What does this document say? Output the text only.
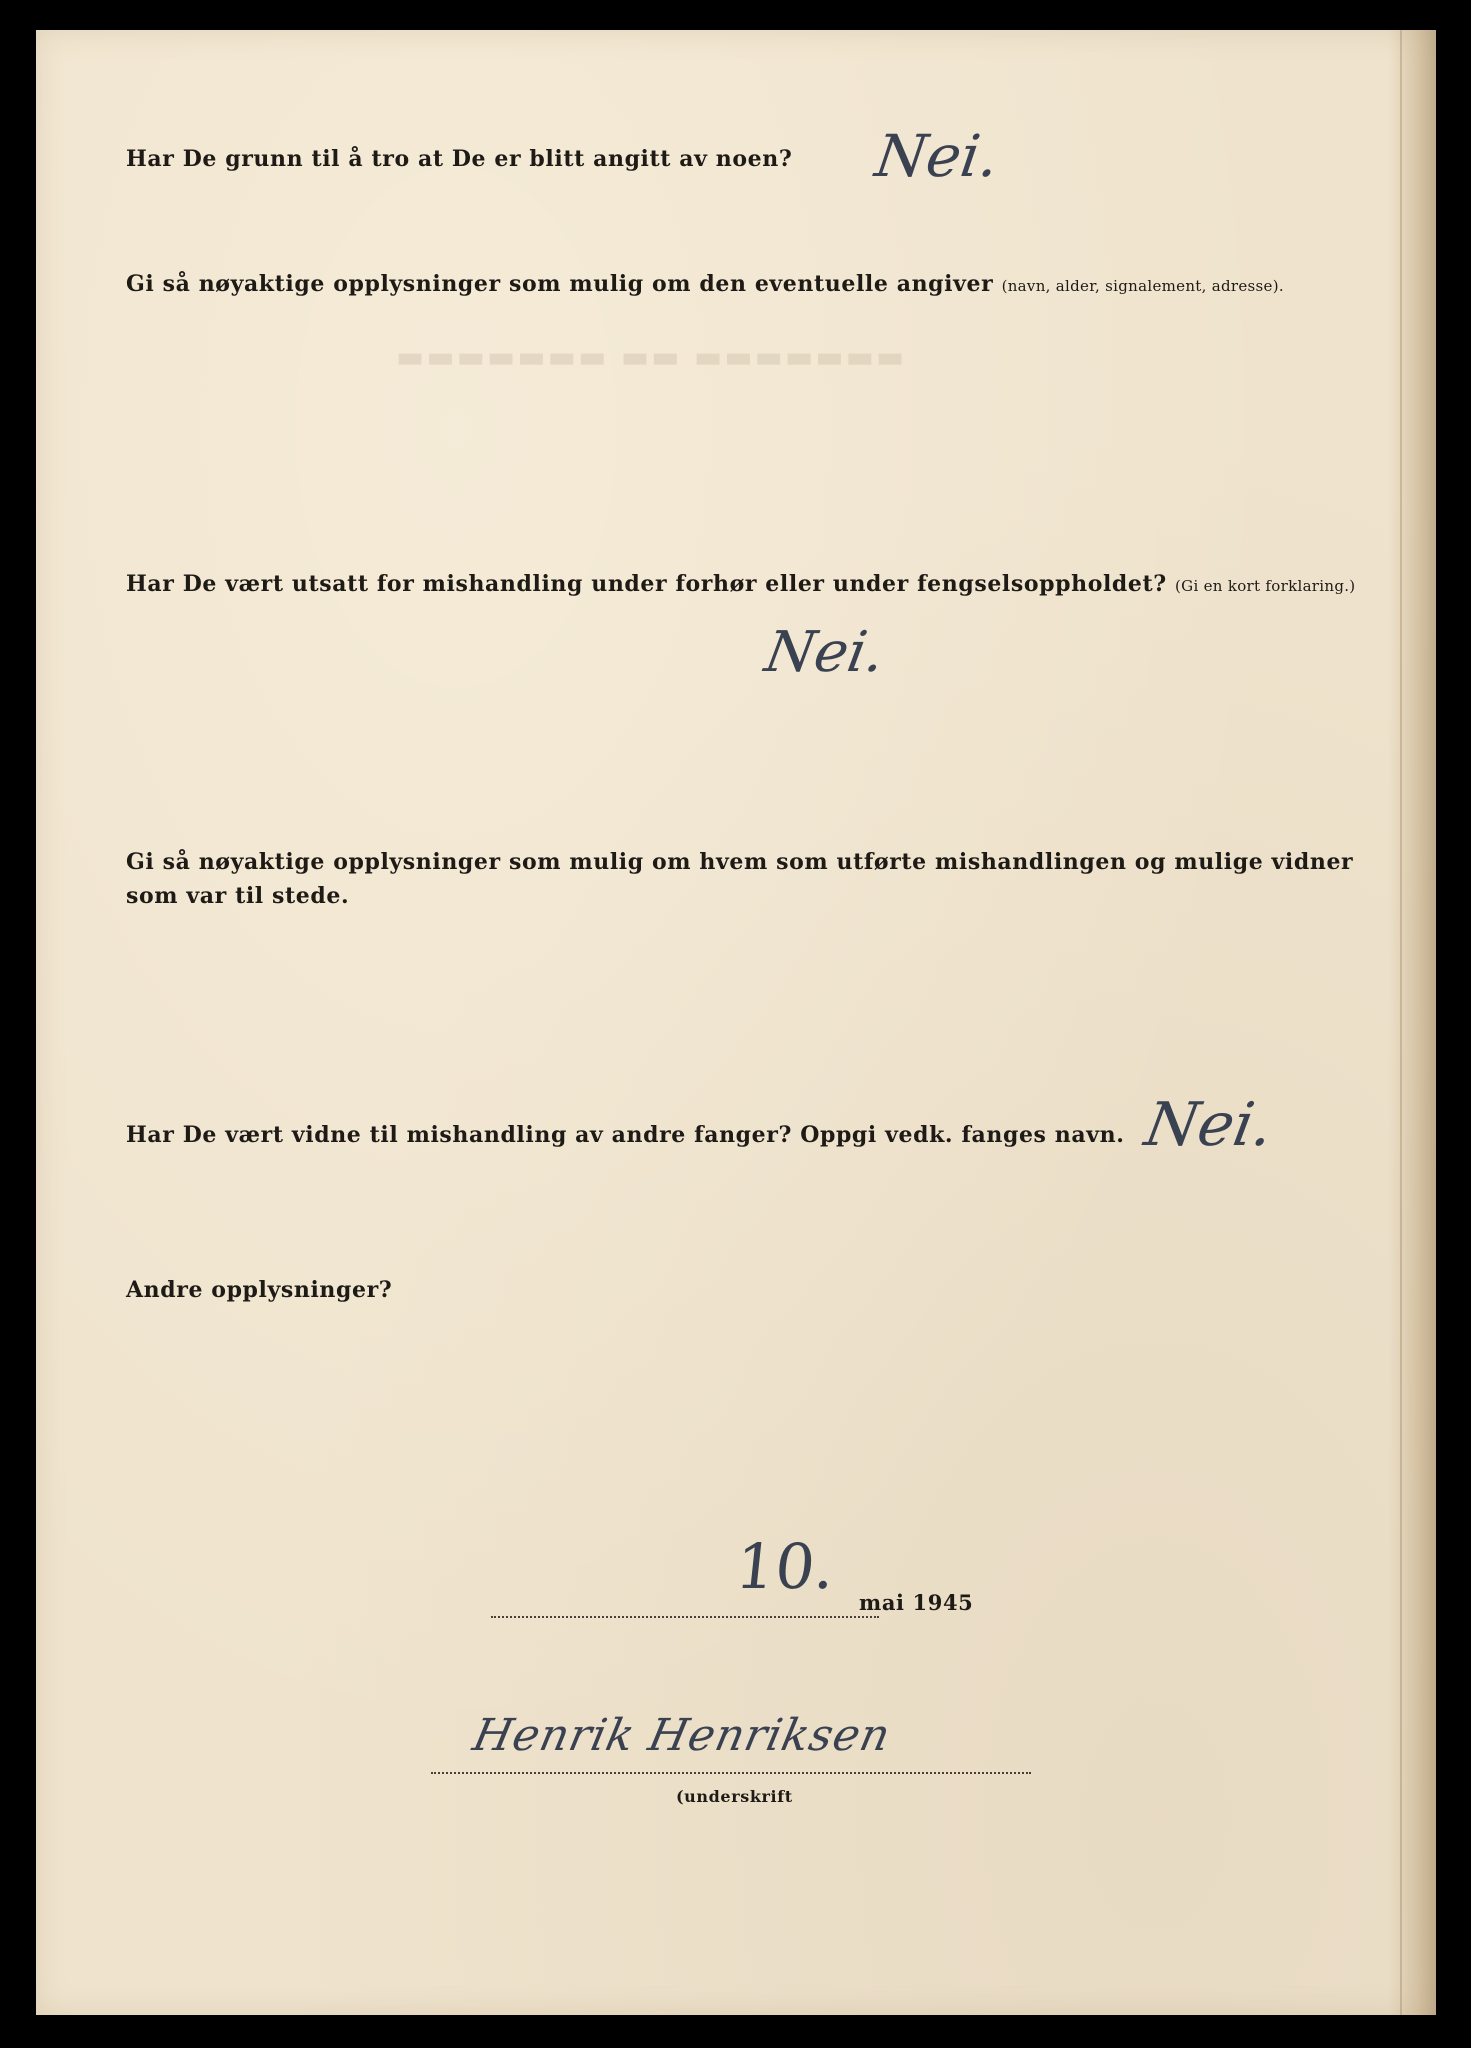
▬▬▬▬▬▬▬ ▬▬ ▬▬▬▬▬▬▬
Har De grunn til å tro at De er blitt angitt av noen? Nei.
Gi så nøyaktige opplysninger som mulig om den eventuelle angiver (navn, alder, signalement, adresse).
Har De vært utsatt for mishandling under forhør eller under fengselsoppholdet? (Gi en kort forklaring.)
Nei.
Gi så nøyaktige opplysninger som mulig om hvem som utførte mishandlingen og mulige vidner
som var til stede.
Har De vært vidne til mishandling av andre fanger? Oppgi vedk. fanges navn. Nei.
Andre opplysninger?
10. mai 1945
Henrik Henriksen
(underskrift
